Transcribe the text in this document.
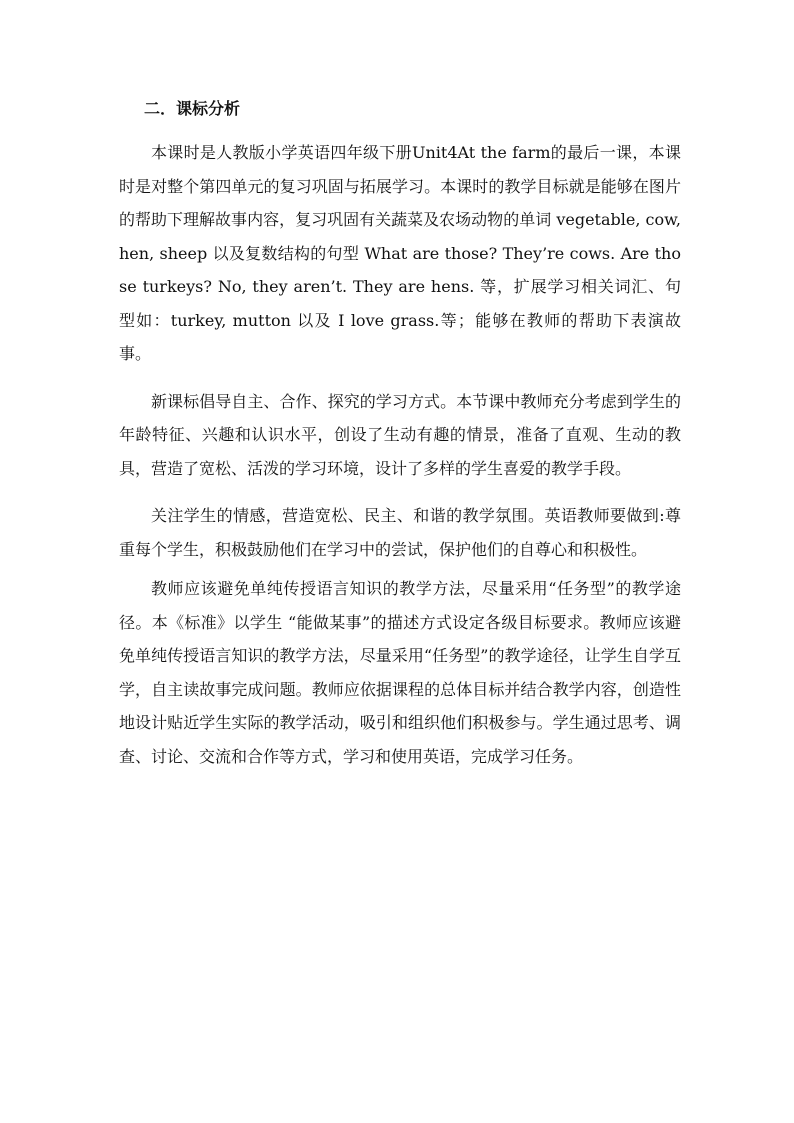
二．课标分析

本课时是人教版小学英语四年级下册Unit4At the farm的最后一课，本课时是对整个第四单元的复习巩固与拓展学习。本课时的教学目标就是能够在图片的帮助下理解故事内容，复习巩固有关蔬菜及农场动物的单词 vegetable, cow, hen, sheep 以及复数结构的句型 What are those? They’re cows. Are those turkeys? No, they aren’t. They are hens. 等，扩展学习相关词汇、句型如：turkey, mutton 以及 I love grass.等；能够在教师的帮助下表演故事。

新课标倡导自主、合作、探究的学习方式。本节课中教师充分考虑到学生的年龄特征、兴趣和认识水平，创设了生动有趣的情景，准备了直观、生动的教具，营造了宽松、活泼的学习环境，设计了多样的学生喜爱的教学手段。

关注学生的情感，营造宽松、民主、和谐的教学氛围。英语教师要做到:尊重每个学生，积极鼓励他们在学习中的尝试，保护他们的自尊心和积极性。

教师应该避免单纯传授语言知识的教学方法，尽量采用“任务型”的教学途径。本《标准》以学生 “能做某事”的描述方式设定各级目标要求。教师应该避免单纯传授语言知识的教学方法，尽量采用“任务型”的教学途径，让学生自学互学，自主读故事完成问题。教师应依据课程的总体目标并结合教学内容，创造性地设计贴近学生实际的教学活动，吸引和组织他们积极参与。学生通过思考、调查、讨论、交流和合作等方式，学习和使用英语，完成学习任务。
